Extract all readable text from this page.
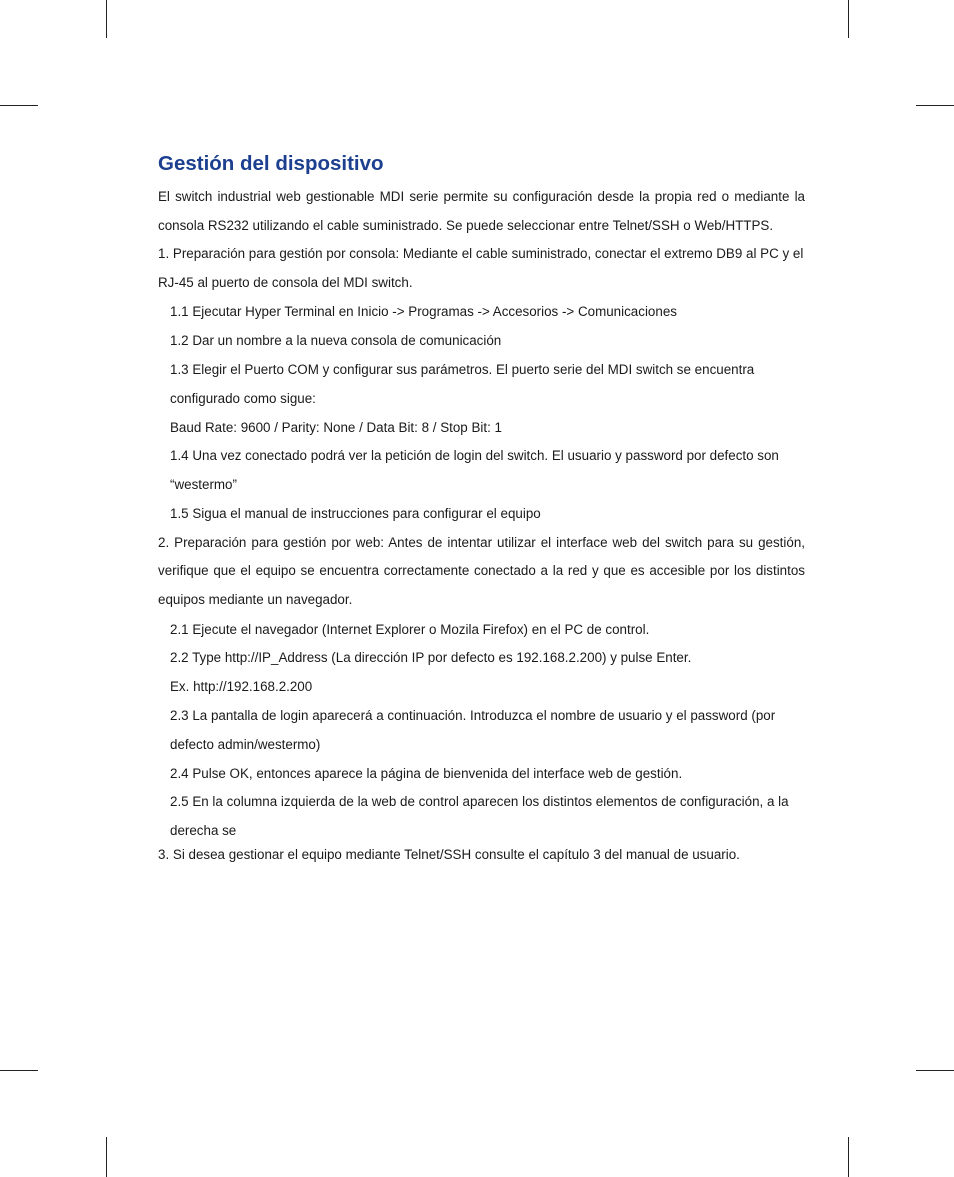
Gestión del dispositivo

El switch industrial web gestionable MDI serie permite su configuración desde la propia red o mediante la consola RS232 utilizando el cable suministrado. Se puede seleccionar entre Telnet/SSH o Web/HTTPS.

1. Preparación para gestión por consola: Mediante el cable suministrado, conectar el extremo DB9 al PC y el RJ-45 al puerto de consola del MDI switch.

1.1 Ejecutar Hyper Terminal en Inicio -> Programas -> Accesorios -> Comunicaciones

1.2 Dar un nombre a la nueva consola de comunicación

1.3 Elegir el Puerto COM y configurar sus parámetros. El puerto serie del MDI switch se encuentra configurado como sigue:

Baud Rate: 9600 / Parity: None / Data Bit: 8 / Stop Bit: 1

1.4 Una vez conectado podrá ver la petición de login del switch. El usuario y password por defecto son “westermo”

1.5 Sigua el manual de instrucciones para configurar el equipo

2. Preparación para gestión por web: Antes de intentar utilizar el interface web del switch para su gestión, verifique que el equipo se encuentra correctamente conectado a la red y que es accesible por los distintos equipos mediante un navegador.

2.1 Ejecute el navegador (Internet Explorer o Mozila Firefox) en el PC de control.

2.2 Type http://IP_Address (La dirección IP por defecto es 192.168.2.200) y pulse Enter.

Ex. http://192.168.2.200

2.3 La pantalla de login aparecerá a continuación. Introduzca el nombre de usuario y el password (por defecto admin/westermo)

2.4 Pulse OK, entonces aparece la página de bienvenida del interface web de gestión.

2.5 En la columna izquierda de la web de control aparecen los distintos elementos de configuración, a la derecha se

3. Si desea gestionar el equipo mediante Telnet/SSH consulte el capítulo 3 del manual de usuario.
